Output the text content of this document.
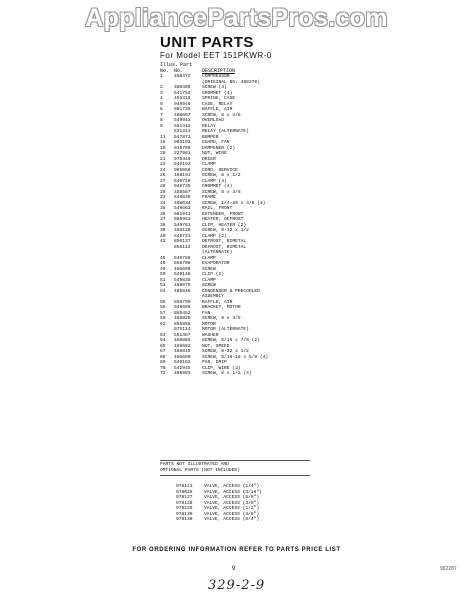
AppliancePartsPros.com
UNIT PARTS
For Model EET 151PKWR-0
Illus. Part
No. No.	DESCRIPTION
1	488372	COMPRESSOR
(ORIGINAL NO. 488370)
2	488408	SCREW (4)
3	541753	GROMMET (4)
4	455318	SPRING, CASE
5	949946	CASE, RELAY
6	981735	BAFFLE, AIR
7	488657	SCREW, 8 x 3/8
8	549941	OVERLOAD
9	551312	RELAY
631313	RELAY (ALTERNATE)
11	547873	BUMPER
15	983193	GUARD, FAN
19	918709	DAMPENER (2)
20	227961	NUT, WIRE
21	975446	DRIER
23	549193	CLAMP
24	965658	CORD, SERVICE
26	488191	SCREW, 6 x 1/2
27	549728	CLAMP (4)
28	948735	GROMMET (4)
29	488587	SCREW, 8 x 3/8
33	548835	FRAME
34	488634	SCREW, 1/4-20 x 3/8 (3)
35	549662	RAIL, FRONT
36	981941	EXTENDER, FRONT
37	985963	HEATER, DEFROST
38	549761	CLIP, HEATER (2)
39	488129	SCREW, 8-32 x 1/2
40	549731	CLAMP (2)
42	856137	DEFROST, BIMETAL
858112	DEFROST, BIMETAL
(ALTERNATE)
45	549788	CLAMP
46	858708	EVAPORATOR
49	488608	SCREW
50	549148	CLIP (2)
51	549838	CLAMP
53	488879	SCREW
54	485846	CONDENSER & PRECOOLER
ASSEMBLY
55	858799	BAFFLE, AIR
56	949695	BRACKET, MOTOR
57	885452	FAN
59	488829	SCREW, 8 x 3/8
62	856858	MOTOR
975114	MOTOR (ALTERNATE)
63	551387	WASHER
64	488885	SCREW, 5/16 x 7/8 (2)
65	488682	NUT, SPEED
67	488845	SCREW, 8-32 x 1/2
68	488680	SCREW, 5/16-18 x 5/8 (4)
69	549183	PAN, DRIP
70	542945	CLIP, WIRE (3)
72	486993	SCREW, 8 x 1/2 (4)
PARTS NOT ILLUSTRATED AND
OPTIONAL PARTS (NOT INCLUDED)
978123	VALVE, ACCESS (1/4")
978025	VALVE, ACCESS (3/16")
978127	VALVE, ACCESS (5/8")
978128	VALVE, ACCESS (3/8")
978129	VALVE, ACCESS (1/2")
978139	VALVE, ACCESS (3/8")
978130	VALVE, ACCESS (5/4")
FOR ORDERING INFORMATION REFER TO PARTS PRICE LIST
9	962287
329-2-9
